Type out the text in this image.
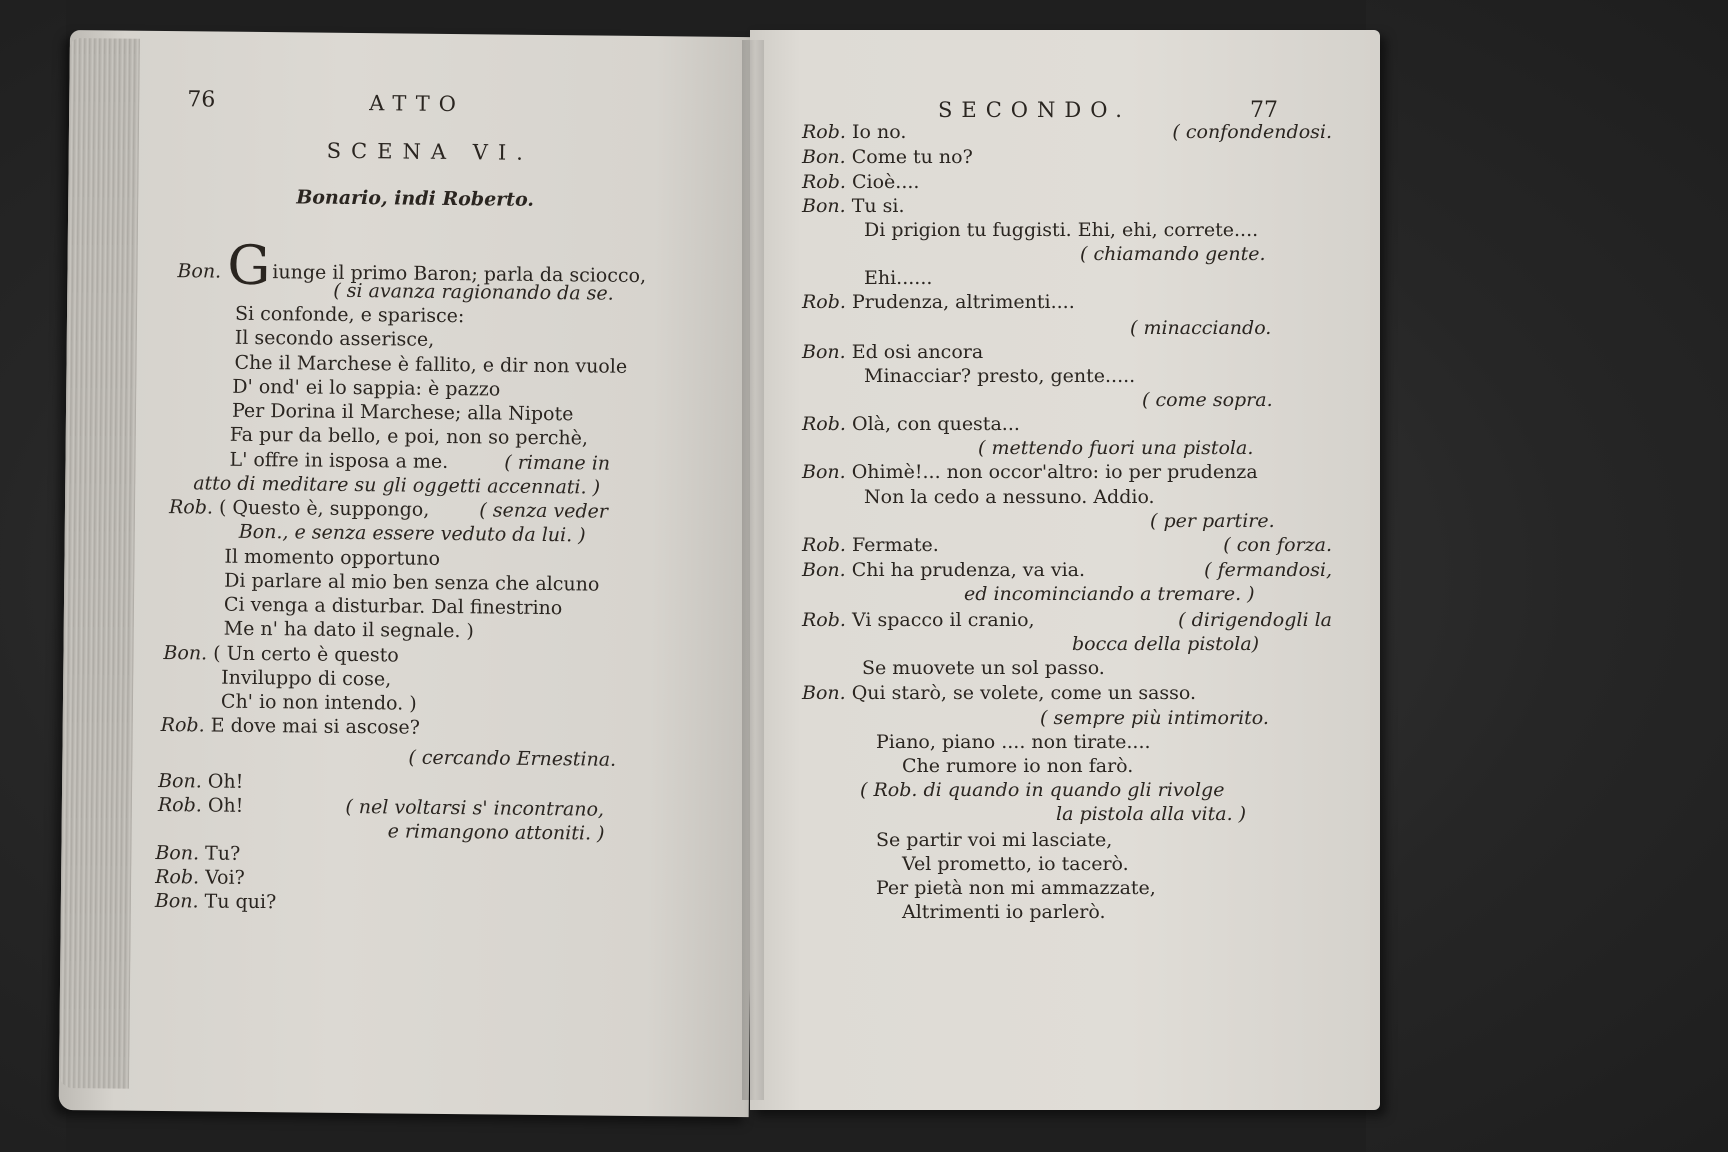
76	ATTO
SCENA VI.
Bonario, indi Roberto.
Bon. Giunge il primo Baron; parla da sciocco,
( si avanza ragionando da se.
Si confonde, e sparisce:
Il secondo asserisce,
Che il Marchese è fallito, e dir non vuole
D' ond' ei lo sappia: è pazzo
Per Dorina il Marchese; alla Nipote
Fa pur da bello, e poi, non so perchè,
L' offre in isposa a me.	( rimane in
atto di meditare su gli oggetti accennati. )
Rob. ( Questo è, suppongo,	( senza veder
Bon., e senza essere veduto da lui. )
Il momento opportuno
Di parlare al mio ben senza che alcuno
Ci venga a disturbar. Dal finestrino
Me n' ha dato il segnale. )
Bon. ( Un certo è questo
Inviluppo di cose,
Ch' io non intendo. )
Rob. E dove mai si ascose?
( cercando Ernestina.
Bon. Oh!
Rob. Oh!	( nel voltarsi s' incontrano,
e rimangono attoniti. )
Bon. Tu?
Rob. Voi?
Bon. Tu qui?
SECONDO.	77
Rob. Io no.	( confondendosi.
Bon. Come tu no?
Rob. Cioè....
Bon. Tu si.
Di prigion tu fuggisti. Ehi, ehi, correte....
( chiamando gente.
Ehi......
Rob. Prudenza, altrimenti....
( minacciando.
Bon. Ed osi ancora
Minacciar? presto, gente.....
( come sopra.
Rob. Olà, con questa...
( mettendo fuori una pistola.
Bon. Ohimè!... non occor'altro: io per prudenza
Non la cedo a nessuno. Addio.
( per partire.
Rob. Fermate.	( con forza.
Bon. Chi ha prudenza, va via.	( fermandosi,
ed incominciando a tremare. )
Rob. Vi spacco il cranio,	( dirigendogli la
bocca della pistola)
Se muovete un sol passo.
Bon. Qui starò, se volete, come un sasso.
( sempre più intimorito.
Piano, piano .... non tirate....
Che rumore io non farò.
( Rob. di quando in quando gli rivolge
la pistola alla vita. )
Se partir voi mi lasciate,
Vel prometto, io tacerò.
Per pietà non mi ammazzate,
Altrimenti io parlerò.
